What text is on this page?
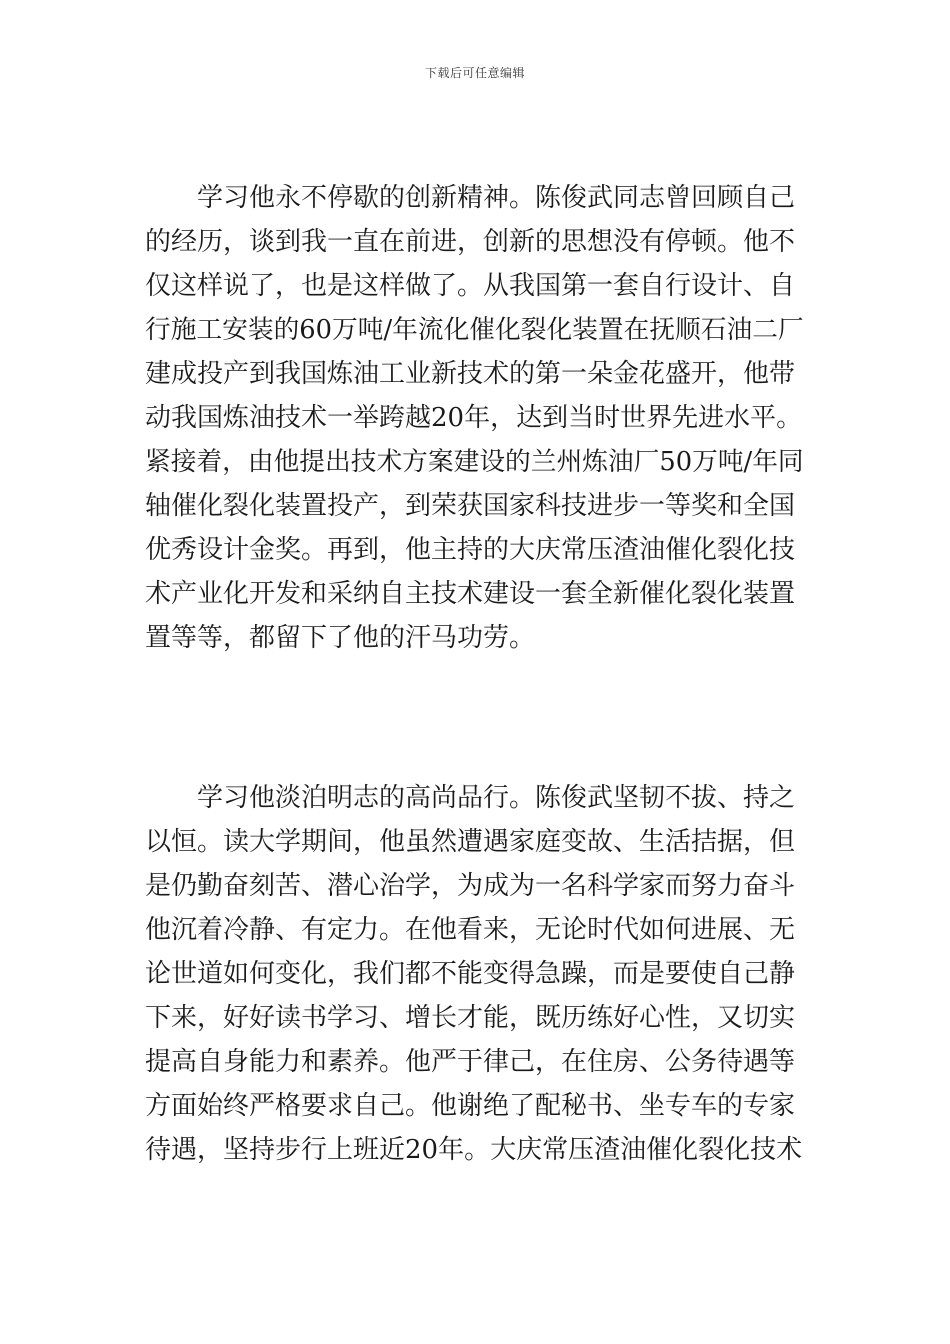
下载后可任意编辑
学习他永不停歇的创新精神。陈俊武同志曾回顾自己
的经历，谈到我一直在前进，创新的思想没有停顿。他不
仅这样说了，也是这样做了。从我国第一套自行设计、自
行施工安装的60万吨/年流化催化裂化装置在抚顺石油二厂
建成投产到我国炼油工业新技术的第一朵金花盛开，他带
动我国炼油技术一举跨越20年，达到当时世界先进水平。
紧接着，由他提出技术方案建设的兰州炼油厂50万吨/年同
轴催化裂化装置投产，到荣获国家科技进步一等奖和全国
优秀设计金奖。再到，他主持的大庆常压渣油催化裂化技
术产业化开发和采纳自主技术建设一套全新催化裂化装置
置等等，都留下了他的汗马功劳。
学习他淡泊明志的高尚品行。陈俊武坚韧不拔、持之
以恒。读大学期间，他虽然遭遇家庭变故、生活拮据，但
是仍勤奋刻苦、潜心治学，为成为一名科学家而努力奋斗
他沉着冷静、有定力。在他看来，无论时代如何进展、无
论世道如何变化，我们都不能变得急躁，而是要使自己静
下来，好好读书学习、增长才能，既历练好心性，又切实
提高自身能力和素养。他严于律己，在住房、公务待遇等
方面始终严格要求自己。他谢绝了配秘书、坐专车的专家
待遇，坚持步行上班近20年。大庆常压渣油催化裂化技术
